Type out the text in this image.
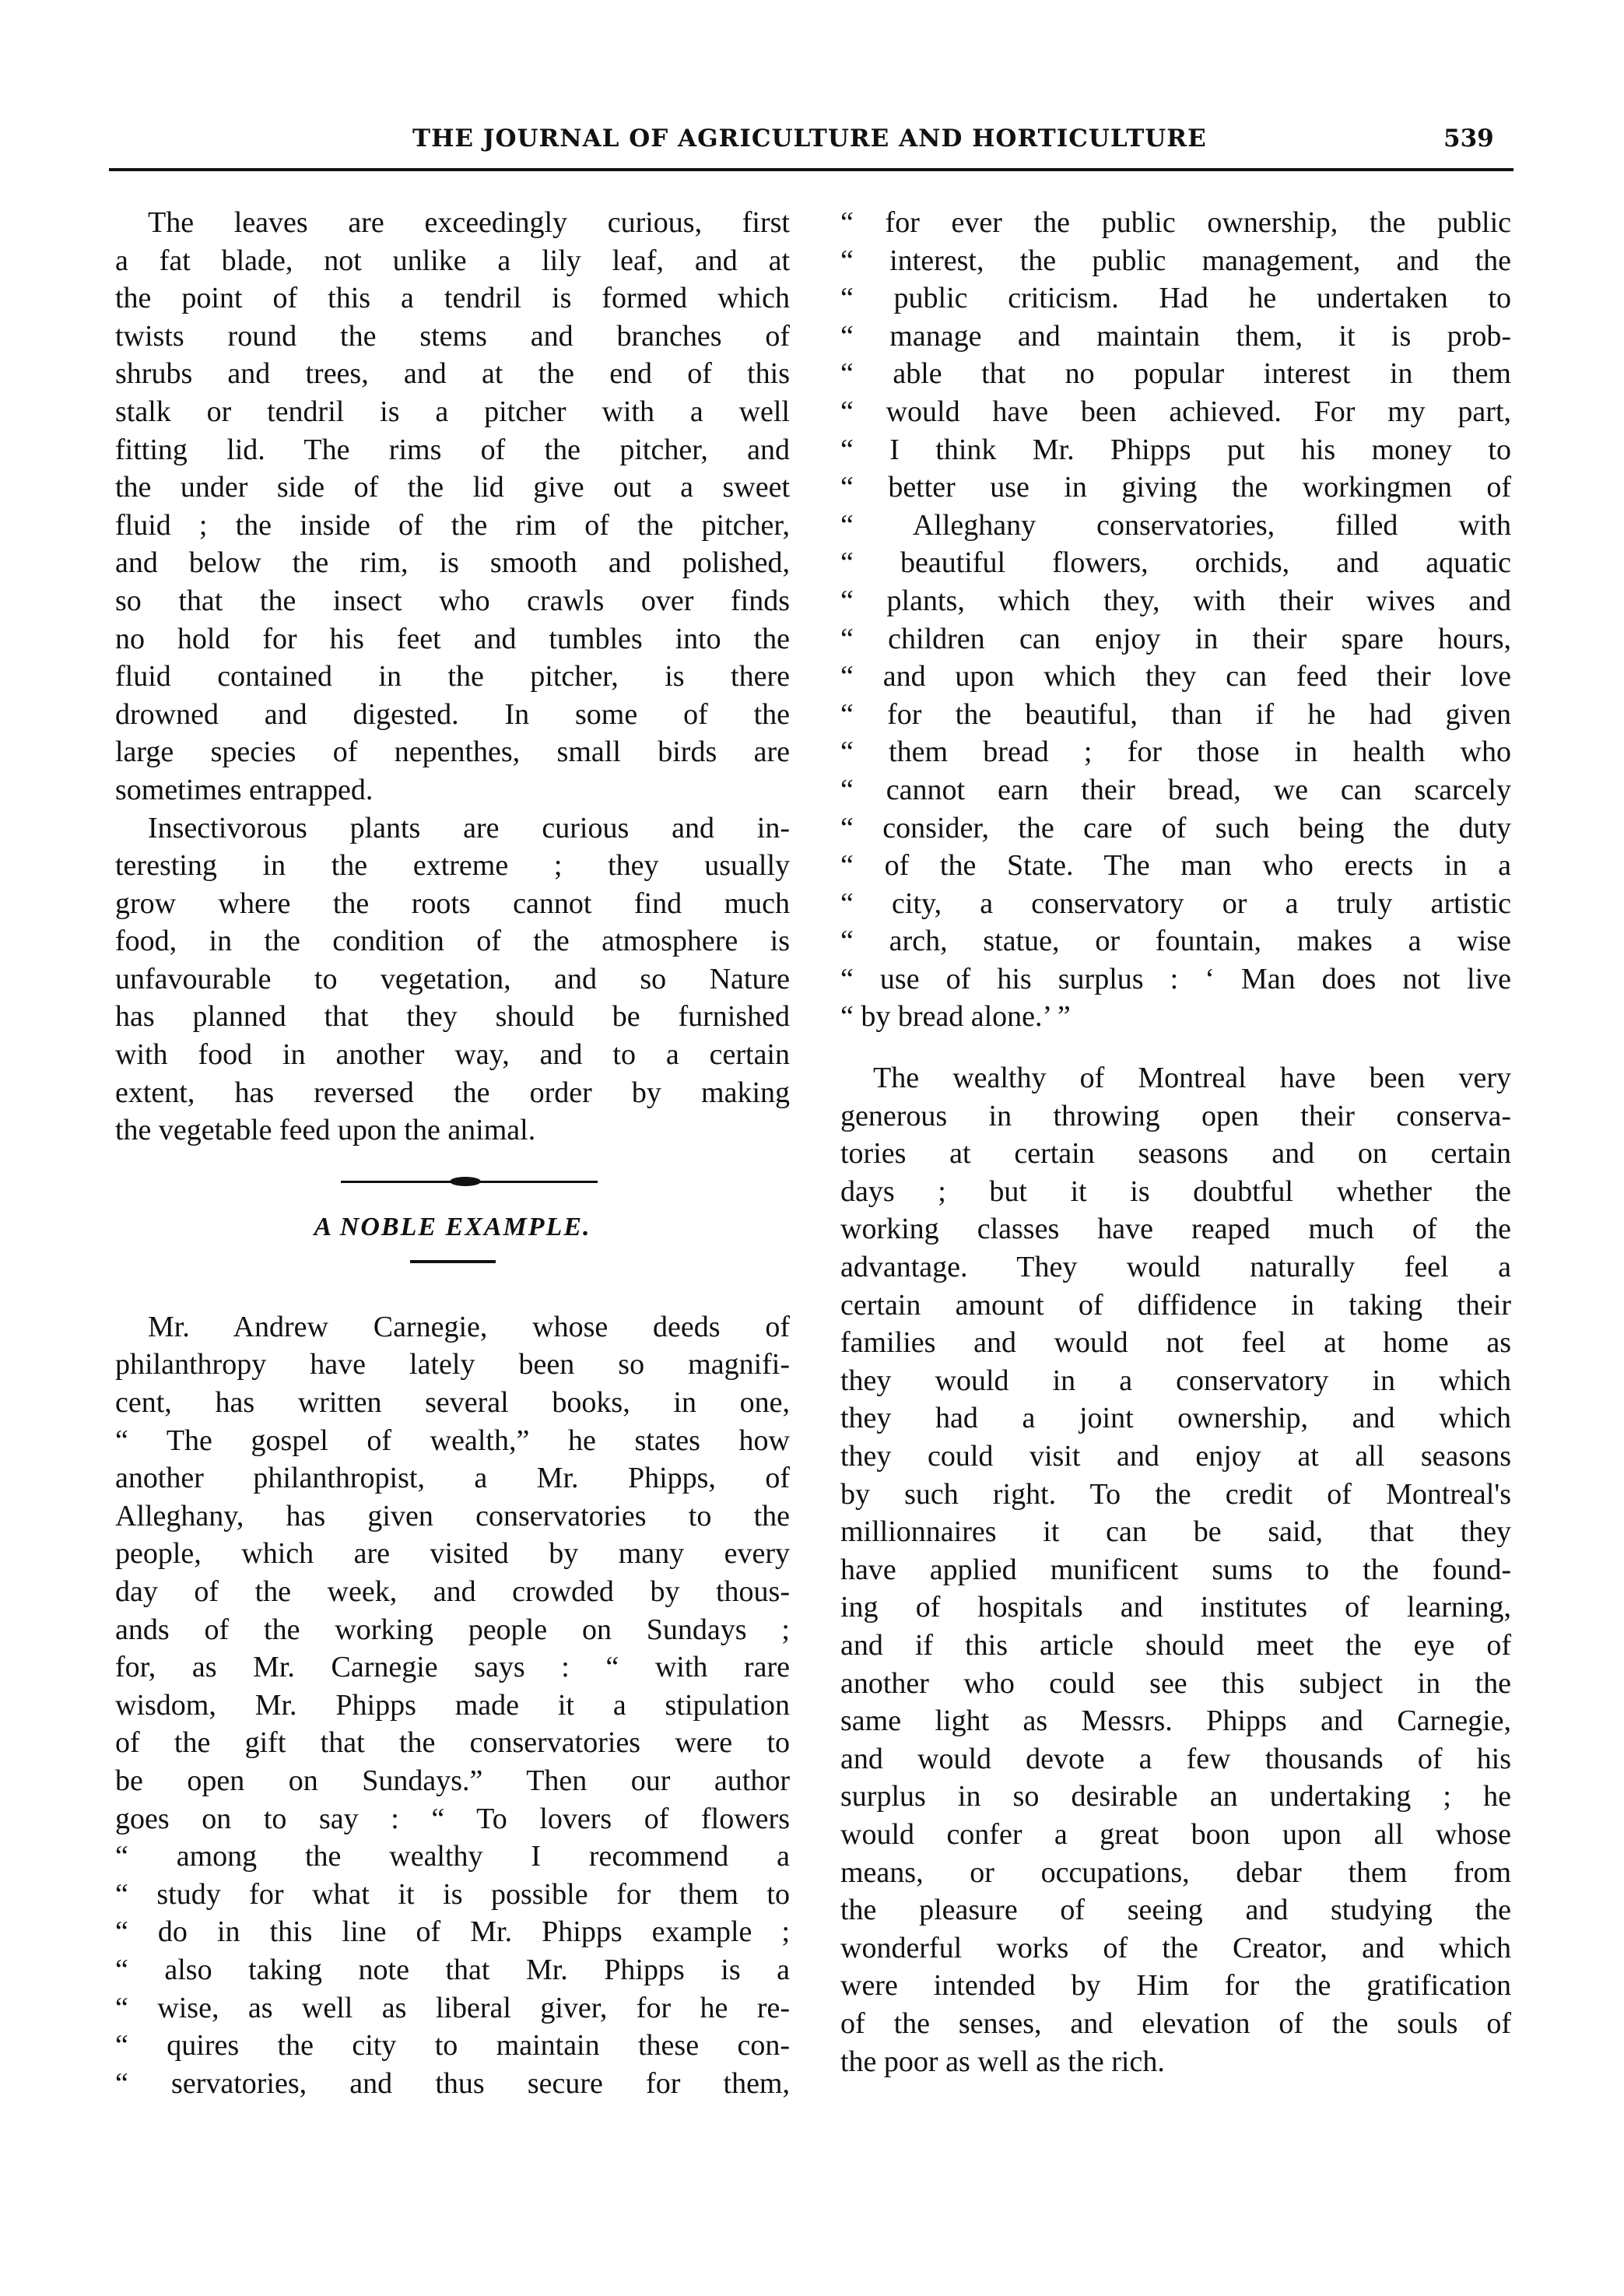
THE JOURNAL OF AGRICULTURE AND HORTICULTURE	539
The leaves are exceedingly curious, first
a fat blade, not unlike a lily leaf, and at
the point of this a tendril is formed which
twists round the stems and branches of
shrubs and trees, and at the end of this
stalk or tendril is a pitcher with a well
fitting lid. The rims of the pitcher, and
the under side of the lid give out a sweet
fluid ; the inside of the rim of the pitcher,
and below the rim, is smooth and polished,
so that the insect who crawls over finds
no hold for his feet and tumbles into the
fluid contained in the pitcher, is there
drowned and digested. In some of the
large species of nepenthes, small birds are
sometimes entrapped.
Insectivorous plants are curious and in-
teresting in the extreme ; they usually
grow where the roots cannot find much
food, in the condition of the atmosphere is
unfavourable to vegetation, and so Nature
has planned that they should be furnished
with food in another way, and to a certain
extent, has reversed the order by making
the vegetable feed upon the animal.
A NOBLE EXAMPLE.
Mr. Andrew Carnegie, whose deeds of
philanthropy have lately been so magnifi-
cent, has written several books, in one,
“ The gospel of wealth,” he states how
another philanthropist, a Mr. Phipps, of
Alleghany, has given conservatories to the
people, which are visited by many every
day of the week, and crowded by thous-
ands of the working people on Sundays ;
for, as Mr. Carnegie says : “ with rare
wisdom, Mr. Phipps made it a stipulation
of the gift that the conservatories were to
be open on Sundays.” Then our author
goes on to say : “ To lovers of flowers
“ among the wealthy I recommend a
“ study for what it is possible for them to
“ do in this line of Mr. Phipps example ;
“ also taking note that Mr. Phipps is a
“ wise, as well as liberal giver, for he re-
“ quires the city to maintain these con-
“ servatories, and thus secure for them,
“ for ever the public ownership, the public
“ interest, the public management, and the
“ public criticism. Had he undertaken to
“ manage and maintain them, it is prob-
“ able that no popular interest in them
“ would have been achieved. For my part,
“ I think Mr. Phipps put his money to
“ better use in giving the workingmen of
“ Alleghany conservatories, filled with
“ beautiful flowers, orchids, and aquatic
“ plants, which they, with their wives and
“ children can enjoy in their spare hours,
“ and upon which they can feed their love
“ for the beautiful, than if he had given
“ them bread ; for those in health who
“ cannot earn their bread, we can scarcely
“ consider, the care of such being the duty
“ of the State. The man who erects in a
“ city, a conservatory or a truly artistic
“ arch, statue, or fountain, makes a wise
“ use of his surplus : ‘ Man does not live
“ by bread alone.’ ”
The wealthy of Montreal have been very
generous in throwing open their conserva-
tories at certain seasons and on certain
days ; but it is doubtful whether the
working classes have reaped much of the
advantage. They would naturally feel a
certain amount of diffidence in taking their
families and would not feel at home as
they would in a conservatory in which
they had a joint ownership, and which
they could visit and enjoy at all seasons
by such right. To the credit of Montreal's
millionnaires it can be said, that they
have applied munificent sums to the found-
ing of hospitals and institutes of learning,
and if this article should meet the eye of
another who could see this subject in the
same light as Messrs. Phipps and Carnegie,
and would devote a few thousands of his
surplus in so desirable an undertaking ; he
would confer a great boon upon all whose
means, or occupations, debar them from
the pleasure of seeing and studying the
wonderful works of the Creator, and which
were intended by Him for the gratification
of the senses, and elevation of the souls of
the poor as well as the rich.
